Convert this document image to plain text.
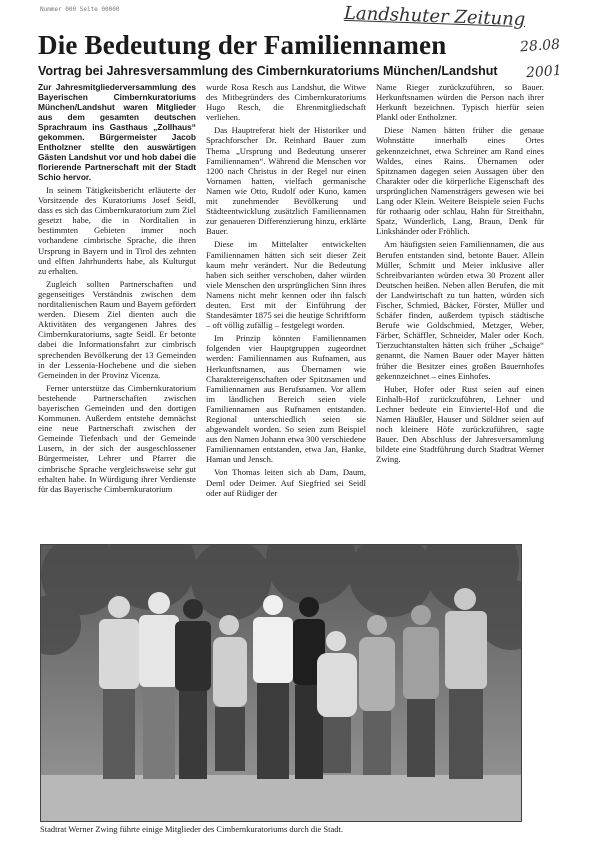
Nummer 000 Seite 00000	Landshuter Zeitung
28.08
2001
Die Bedeutung der Familiennamen
Vortrag bei Jahresversammlung des Cimbernkuratoriums München/Landshut

Zur Jahresmitgliederversammlung des Bayerischen Cimbernkuratoriums München/Landshut waren Mitglieder aus dem gesamten deutschen Sprachraum ins Gasthaus „Zollhaus“ gekommen. Bürgermeister Jacob Entholzner stellte den auswärtigen Gästen Landshut vor und hob dabei die florierende Partnerschaft mit der Stadt Schio hervor.

In seinem Tätigkeitsbericht erläuterte der Vorsitzende des Kuratoriums Josef Seidl, dass es sich das Cimbernkuratorium zum Ziel gesetzt habe, die in Norditalien in bestimmten Gebieten immer noch vorhandene cimbrische Sprache, die ihren Ursprung in Bayern und in Tirol des zehnten und elften Jahrhunderts habe, als Kulturgut zu erhalten.

Zugleich sollten Partnerschaften und gegenseitiges Verständnis zwischen dem norditalienischen Raum und Bayern gefördert werden. Diesem Ziel dienten auch die Aktivitäten des vergangenen Jahres des Cimbernkuratoriums, sagte Seidl. Er betonte dabei die Informationsfahrt zur cimbrisch sprechenden Bevölkerung der 13 Gemeinden in der Lessenia-Hochebene und die sieben Gemeinden in der Provinz Vicenza.

Ferner unterstütze das Cimbernkuratorium bestehende Partnerschaften zwischen bayerischen Gemeinden und den dortigen Kommunen. Außerdem entstehe demnächst eine neue Partnerschaft zwischen der Gemeinde Tiefenbach und der Gemeinde Lusern, in der sich der ausgeschlossener Bürgermeister, Lehrer und Pfarrer die cimbrische Sprache vergleichsweise sehr gut erhalten habe. In Würdigung ihrer Verdienste für das Bayerische Cimbernkuratorium

wurde Rosa Resch aus Landshut, die Witwe des Mitbegründers des Cimbernkuratoriums Hugo Resch, die Ehrenmitgliedschaft verliehen.

Das Hauptreferat hielt der Historiker und Sprachforscher Dr. Reinhard Bauer zum Thema „Ursprung und Bedeutung unserer Familiennamen“. Während die Menschen vor 1200 nach Christus in der Regel nur einen Vornamen hatten, vielfach germanische Namen wie Otto, Rudolf oder Kuno, kamen mit zunehmender Bevölkerung und Städteentwicklung zusätzlich Familiennamen zur genaueren Differenzierung hinzu, erklärte Bauer.

Diese im Mittelalter entwickelten Familiennamen hätten sich seit dieser Zeit kaum mehr verändert. Nur die Bedeutung haben sich seither verschoben, daher würden viele Menschen den ursprünglichen Sinn ihres Namens nicht mehr kennen oder ihn falsch deuten. Erst mit der Einführung der Standesämter 1875 sei die heutige Schriftform – oft völlig zufällig – festgelegt worden.

Im Prinzip könnten Familiennamen folgenden vier Hauptgruppen zugeordnet werden: Familiennamen aus Rufnamen, aus Herkunftsnamen, aus Übernamen wie Charaktereigenschaften oder Spitznamen und Familiennamen aus Berufsnamen. Vor allem im ländlichen Bereich seien viele Familiennamen aus Rufnamen entstanden. Regional unterschiedlich seien sie abgewandelt worden. So seien zum Beispiel aus den Namen Johann etwa 300 verschiedene Familiennamen entstanden, etwa Jan, Hanke, Haman und Jensch.

Von Thomas leiten sich ab Dam, Daum, Deml oder Deimer. Auf Siegfried sei Seidl oder auf Rüdiger der

Name Rieger zurückzuführen, so Bauer. Herkunftsnamen würden die Person nach ihrer Herkunft bezeichnen. Typisch hierfür seien Plankl oder Entholzner.

Diese Namen hätten früher die genaue Wohnstätte innerhalb eines Ortes gekennzeichnet, etwa Schreiner am Rand eines Waldes, eines Rains. Übernamen oder Spitznamen dagegen seien Aussagen über den Charakter oder die körperliche Eigenschaft des ursprünglichen Namensträgers gewesen wie bei Lang oder Klein. Weitere Beispiele seien Fuchs für rothaarig oder schlau, Hahn für Streithahn, Spatz, Wunderlich, Lang, Braun, Denk für Linkshänder oder Fröhlich.

Am häufigsten seien Familiennamen, die aus Berufen entstanden sind, betonte Bauer. Allein Müller, Schmitt und Meier inklusive aller Schreibvarianten würden etwa 30 Prozent aller Deutschen heißen. Neben allen Berufen, die mit der Landwirtschaft zu tun hatten, würden sich Fischer, Schmied, Bäcker, Förster, Müller und Schäfer finden, außerdem typisch städtische Berufe wie Goldschmied, Metzger, Weber, Färber, Schäffler, Schneider, Maler oder Koch. Tierzuchtanstalten hätten sich früher „Schaige“ genannt, die Namen Bauer oder Mayer hätten früher die Besitzer eines großen Bauernhofes gekennzeichnet – eines Einhofes.

Huber, Hofer oder Rust seien auf einen Einhalb-Hof zurückzuführen, Lehner und Lechner bedeute ein Einviertel-Hof und die Namen Häußler, Hauser und Söldner seien auf noch kleinere Höfe zurückzuführen, sagte Bauer. Den Abschluss der Jahresversammlung bildete eine Stadtführung durch Stadtrat Werner Zwing.

Stadtrat Werner Zwing führte einige Mitglieder des Cimbernkuratoriums durch die Stadt.
